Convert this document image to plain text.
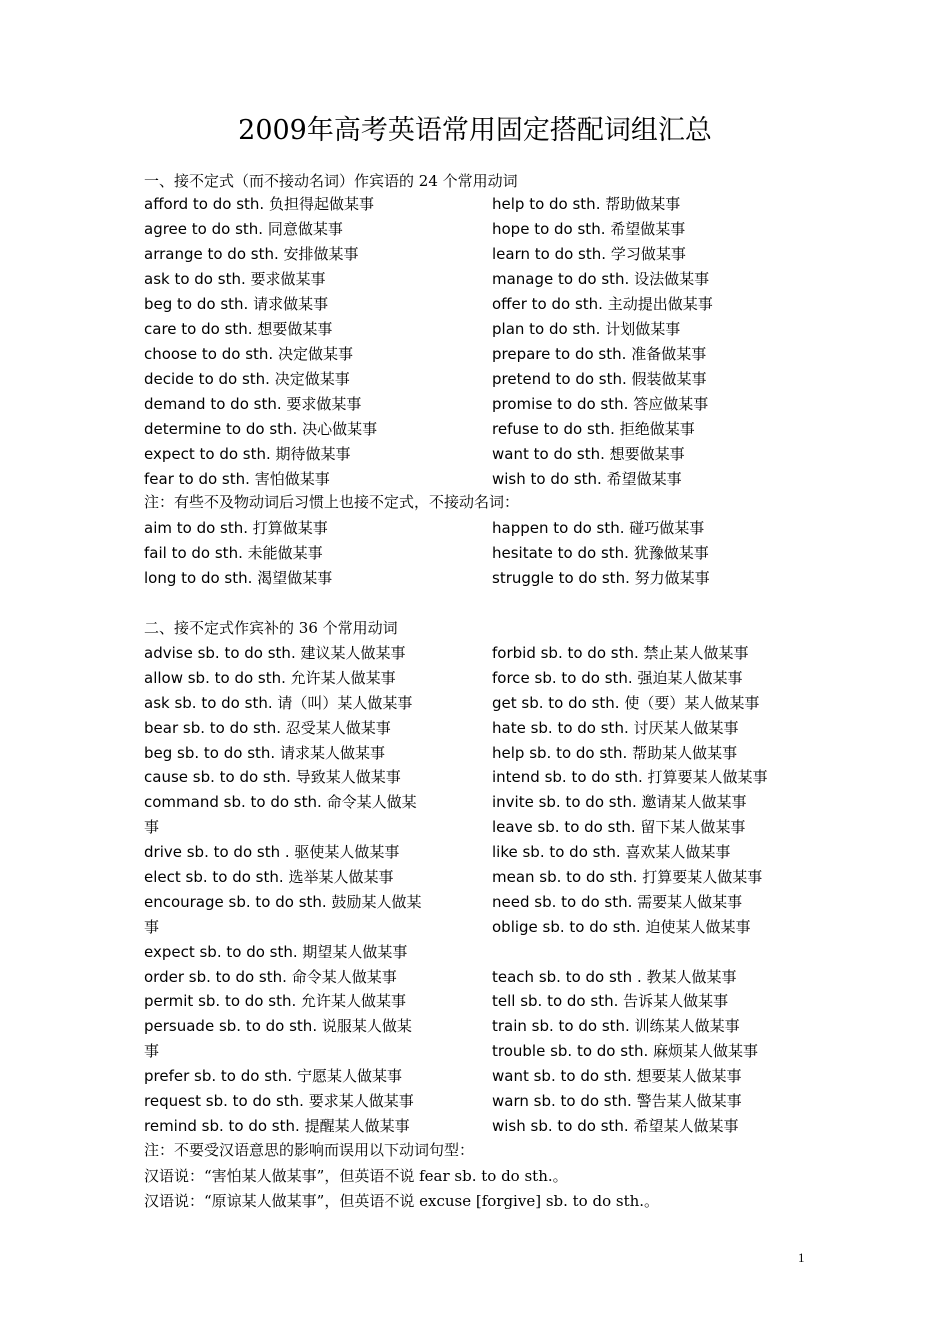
2009年高考英语常用固定搭配词组汇总
一、接不定式（而不接动名词）作宾语的 24 个常用动词
afford to do sth. 负担得起做某事
agree to do sth. 同意做某事
arrange to do sth. 安排做某事
ask to do sth. 要求做某事
beg to do sth. 请求做某事
care to do sth. 想要做某事
choose to do sth. 决定做某事
decide to do sth. 决定做某事
demand to do sth. 要求做某事
determine to do sth. 决心做某事
expect to do sth. 期待做某事
fear to do sth. 害怕做某事
help to do sth. 帮助做某事
hope to do sth. 希望做某事
learn to do sth. 学习做某事
manage to do sth. 设法做某事
offer to do sth. 主动提出做某事
plan to do sth. 计划做某事
prepare to do sth. 准备做某事
pretend to do sth. 假装做某事
promise to do sth. 答应做某事
refuse to do sth. 拒绝做某事
want to do sth. 想要做某事
wish to do sth. 希望做某事
注：有些不及物动词后习惯上也接不定式，不接动名词：
aim to do sth. 打算做某事
fail to do sth. 未能做某事
long to do sth. 渴望做某事
happen to do sth. 碰巧做某事
hesitate to do sth. 犹豫做某事
struggle to do sth. 努力做某事
二、接不定式作宾补的 36 个常用动词
advise sb. to do sth. 建议某人做某事
allow sb. to do sth. 允许某人做某事
ask sb. to do sth. 请（叫）某人做某事
bear sb. to do sth. 忍受某人做某事
beg sb. to do sth. 请求某人做某事
cause sb. to do sth. 导致某人做某事
command sb. to do sth. 命令某人做某
事
drive sb. to do sth . 驱使某人做某事
elect sb. to do sth. 选举某人做某事
encourage sb. to do sth. 鼓励某人做某
事
expect sb. to do sth. 期望某人做某事
order sb. to do sth. 命令某人做某事
permit sb. to do sth. 允许某人做某事
persuade sb. to do sth. 说服某人做某
事
prefer sb. to do sth. 宁愿某人做某事
request sb. to do sth. 要求某人做某事
remind sb. to do sth. 提醒某人做某事
forbid sb. to do sth. 禁止某人做某事
force sb. to do sth. 强迫某人做某事
get sb. to do sth. 使（要）某人做某事
hate sb. to do sth. 讨厌某人做某事
help sb. to do sth. 帮助某人做某事
intend sb. to do sth. 打算要某人做某事
invite sb. to do sth. 邀请某人做某事
leave sb. to do sth. 留下某人做某事
like sb. to do sth. 喜欢某人做某事
mean sb. to do sth. 打算要某人做某事
need sb. to do sth. 需要某人做某事
oblige sb. to do sth. 迫使某人做某事
teach sb. to do sth . 教某人做某事
tell sb. to do sth. 告诉某人做某事
train sb. to do sth. 训练某人做某事
trouble sb. to do sth. 麻烦某人做某事
want sb. to do sth. 想要某人做某事
warn sb. to do sth. 警告某人做某事
wish sb. to do sth. 希望某人做某事
注：不要受汉语意思的影响而误用以下动词句型：
汉语说：“害怕某人做某事”，但英语不说 fear sb. to do sth.。
汉语说：“原谅某人做某事”，但英语不说 excuse [forgive] sb. to do sth.。
1
